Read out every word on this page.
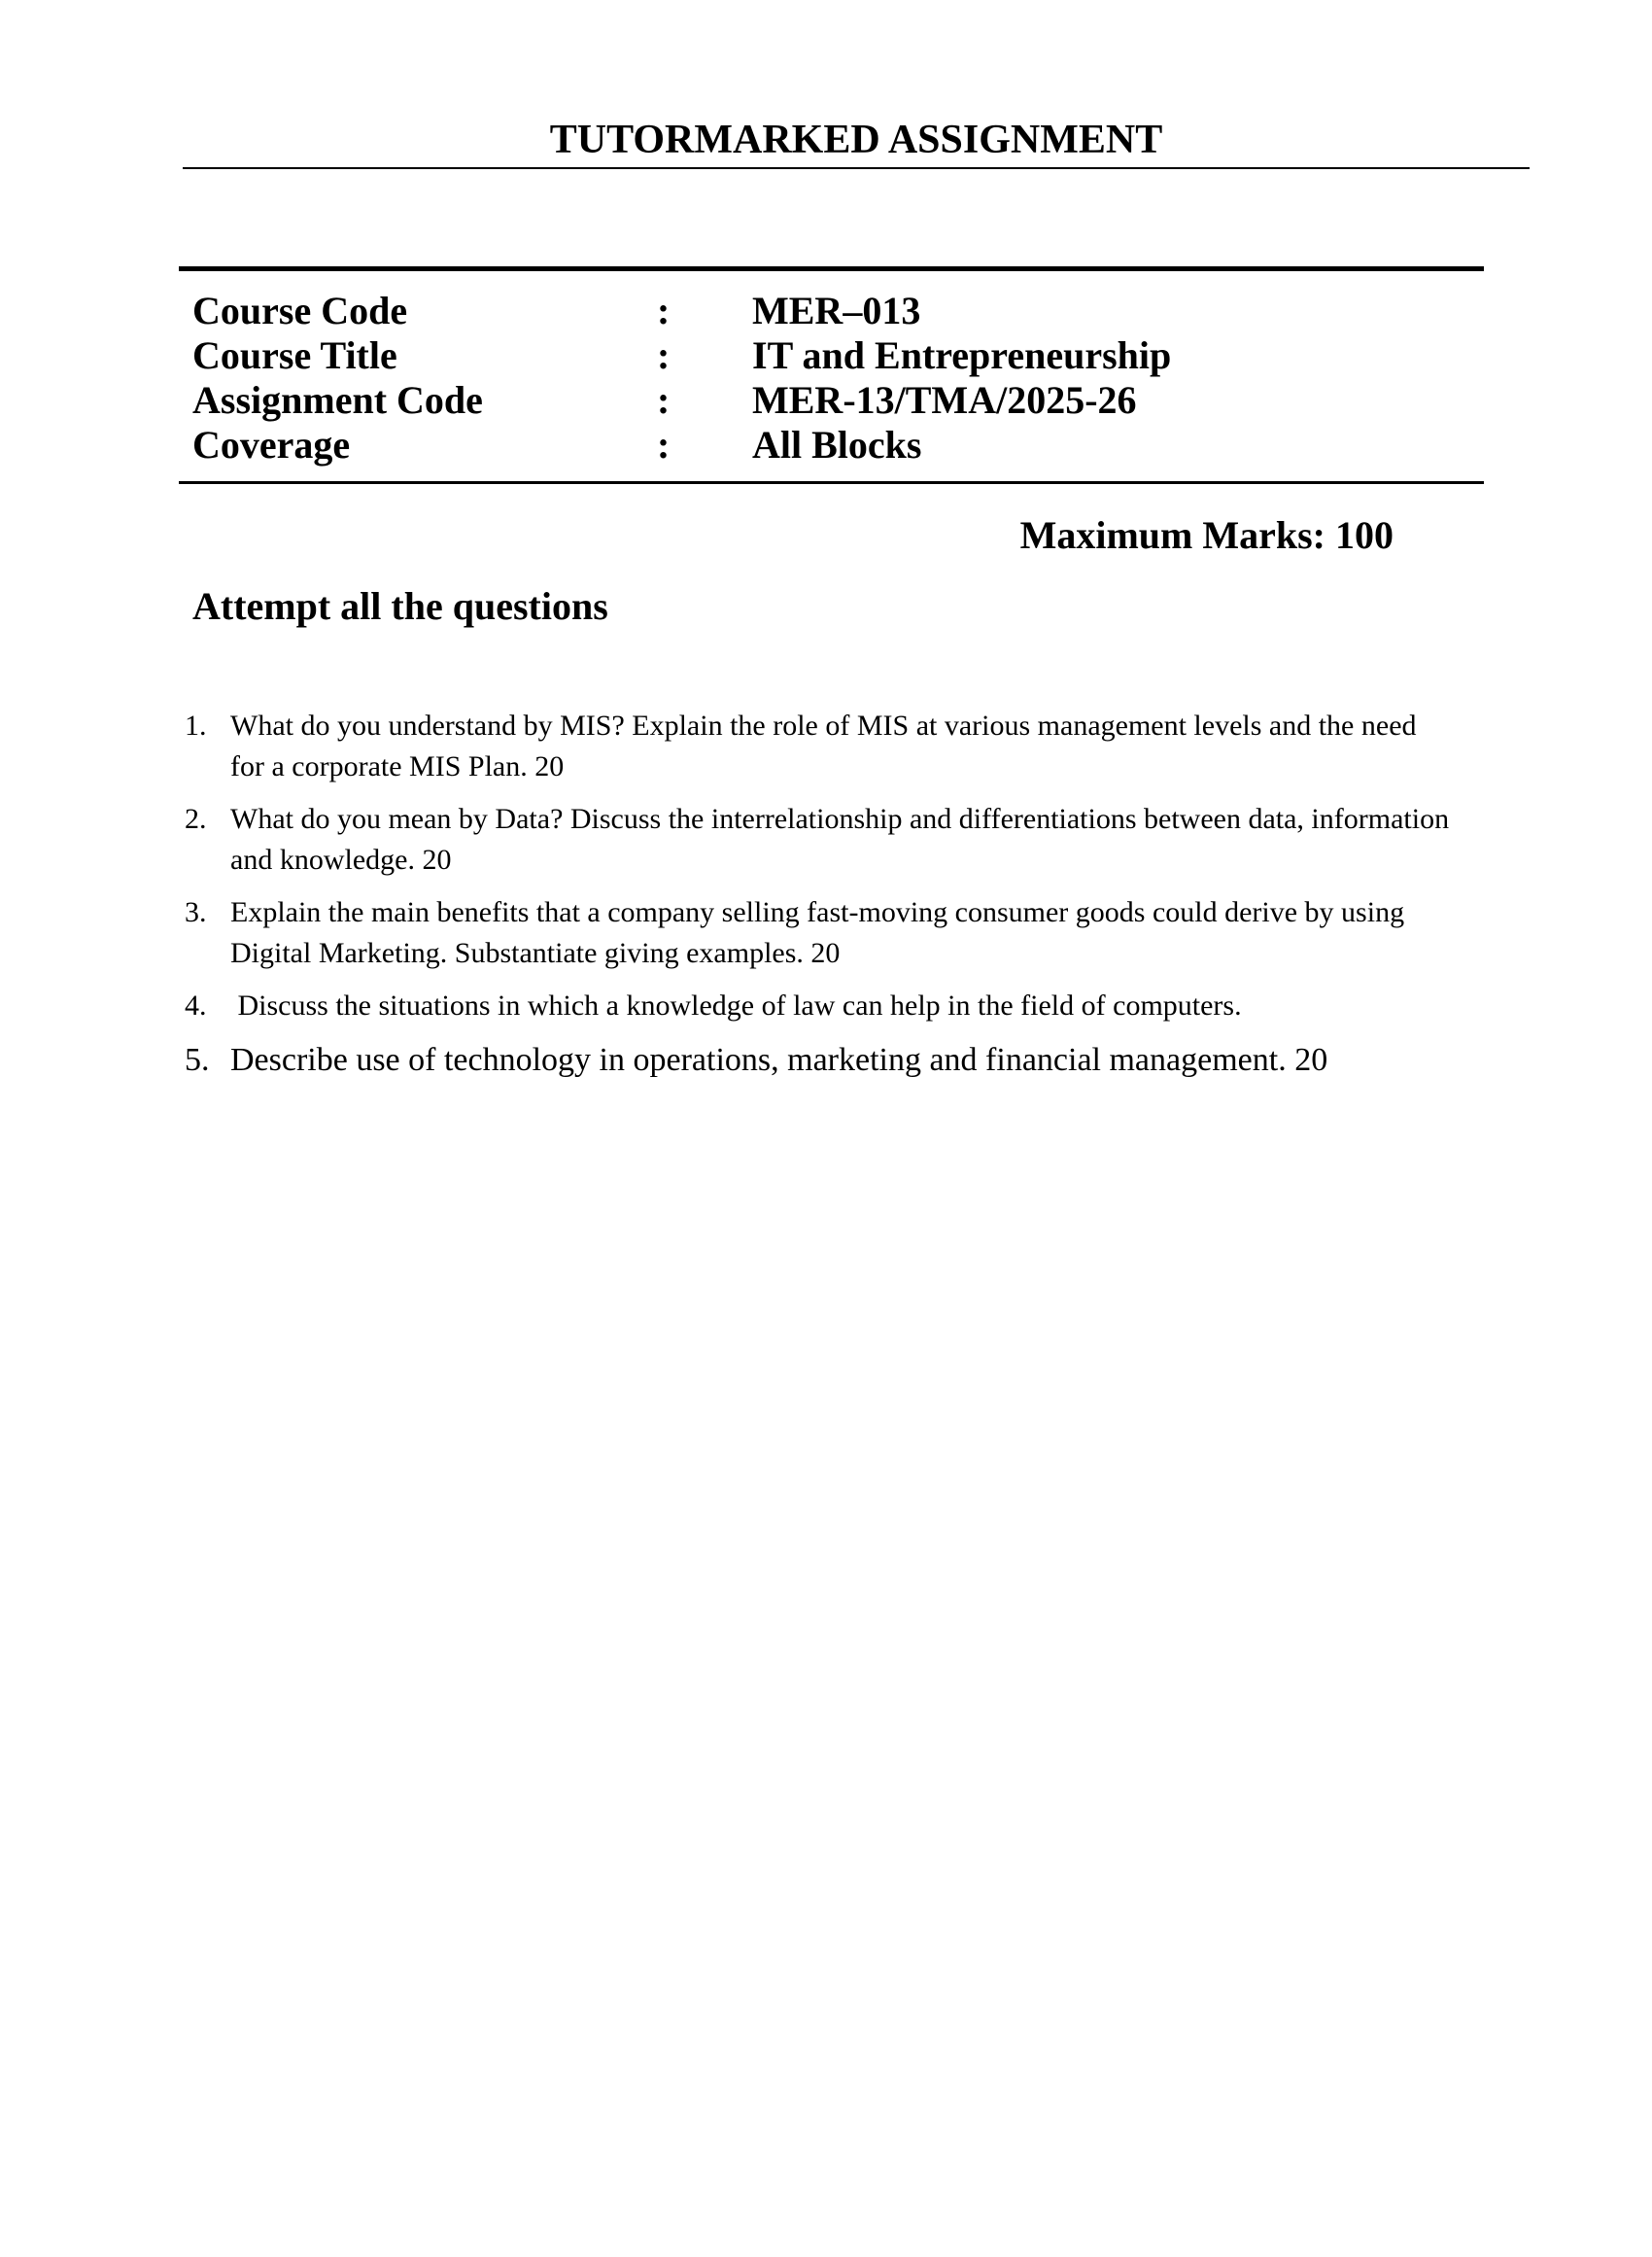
TUTORMARKED ASSIGNMENT
Course Code	:	MER–013
Course Title	:	IT and Entrepreneurship
Assignment Code	:	MER-13/TMA/2025-26
Coverage	:	All Blocks
Maximum Marks: 100
Attempt all the questions
1. What do you understand by MIS? Explain the role of MIS at various management levels and the need for a corporate MIS Plan. 20
2. What do you mean by Data? Discuss the interrelationship and differentiations between data, information and knowledge. 20
3. Explain the main benefits that a company selling fast-moving consumer goods could derive by using Digital Marketing. Substantiate giving examples. 20
4. Discuss the situations in which a knowledge of law can help in the field of computers.
5. Describe use of technology in operations, marketing and financial management. 20
